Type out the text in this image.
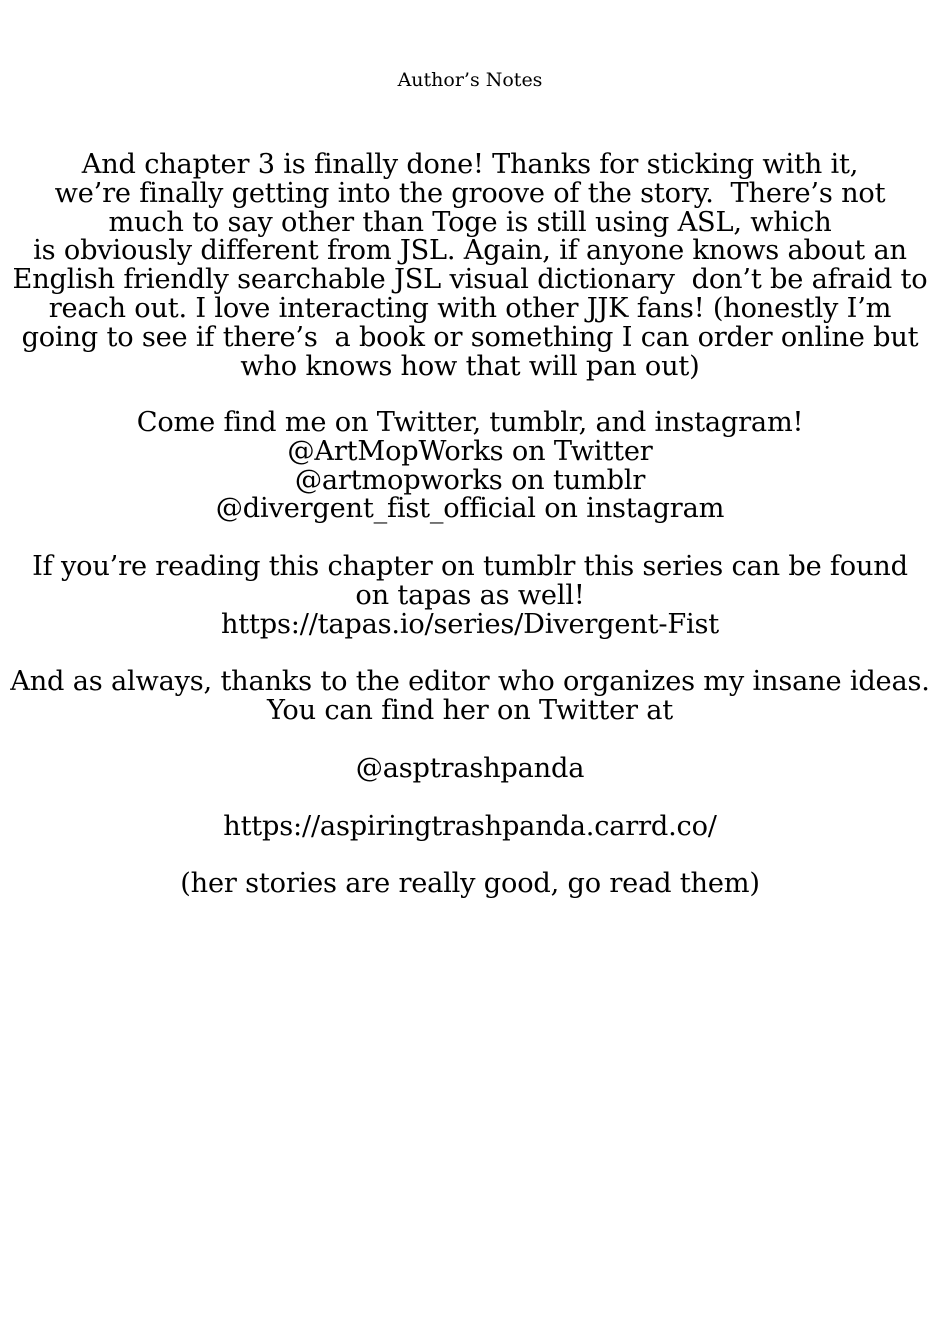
Author’s Notes
And chapter 3 is finally done! Thanks for sticking with it,
we’re finally getting into the groove of the story.  There’s not
much to say other than Toge is still using ASL, which
is obviously different from JSL. Again, if anyone knows about an
English friendly searchable JSL visual dictionary  don’t be afraid to
reach out. I love interacting with other JJK fans! (honestly I’m
going to see if there’s  a book or something I can order online but
who knows how that will pan out)
Come find me on Twitter, tumblr, and instagram!
@ArtMopWorks on Twitter
@artmopworks on tumblr
@divergent_fist_official on instagram
If you’re reading this chapter on tumblr this series can be found
on tapas as well!
https://tapas.io/series/Divergent-Fist
And as always, thanks to the editor who organizes my insane ideas.
You can find her on Twitter at
@asptrashpanda
https://aspiringtrashpanda.carrd.co/
(her stories are really good, go read them)
